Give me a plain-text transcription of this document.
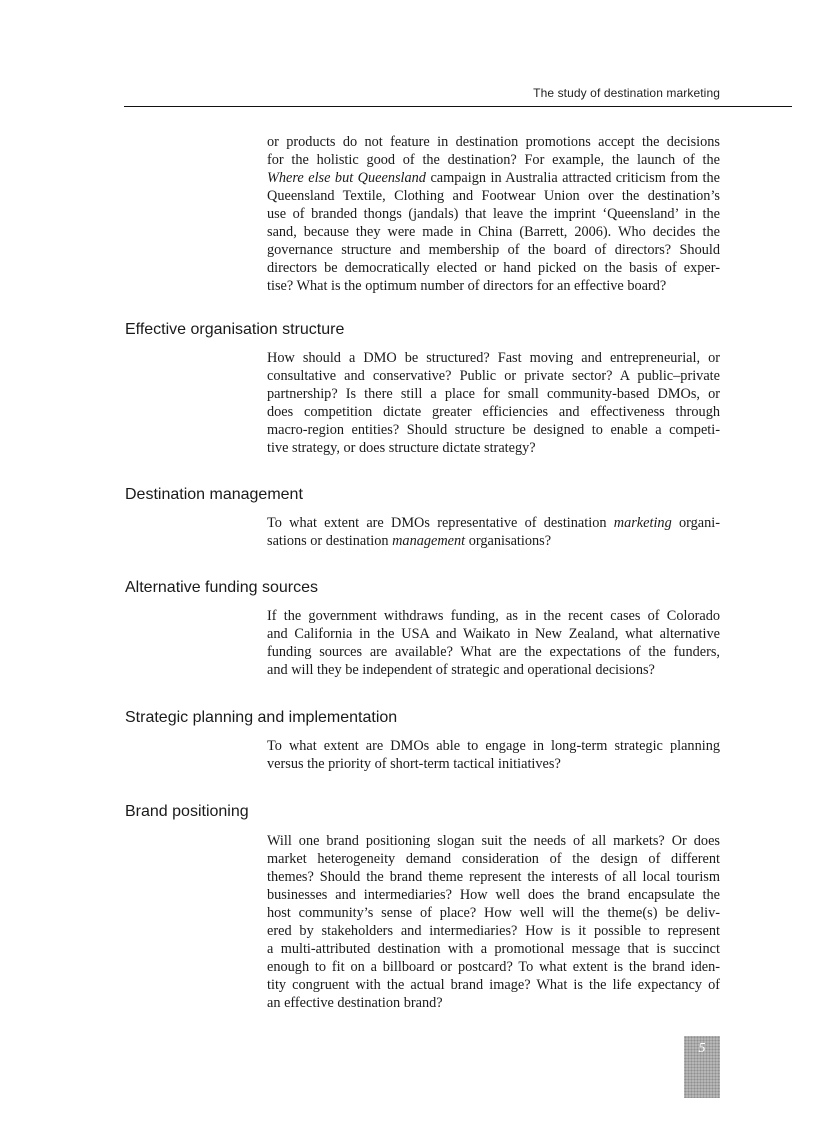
The study of destination marketing
or products do not feature in destination promotions accept the decisions
for the holistic good of the destination? For example, the launch of the
Where else but Queensland campaign in Australia attracted criticism from the
Queensland Textile, Clothing and Footwear Union over the destination’s
use of branded thongs (jandals) that leave the imprint ‘Queensland’ in the
sand, because they were made in China (Barrett, 2006). Who decides the
governance structure and membership of the board of directors? Should
directors be democratically elected or hand picked on the basis of exper-
tise? What is the optimum number of directors for an effective board?
Effective organisation structure
How should a DMO be structured? Fast moving and entrepreneurial, or
consultative and conservative? Public or private sector? A public–private
partnership? Is there still a place for small community-based DMOs, or
does competition dictate greater efficiencies and effectiveness through
macro-region entities? Should structure be designed to enable a competi-
tive strategy, or does structure dictate strategy?
Destination management
To what extent are DMOs representative of destination marketing organi-
sations or destination management organisations?
Alternative funding sources
If the government withdraws funding, as in the recent cases of Colorado
and California in the USA and Waikato in New Zealand, what alternative
funding sources are available? What are the expectations of the funders,
and will they be independent of strategic and operational decisions?
Strategic planning and implementation
To what extent are DMOs able to engage in long-term strategic planning
versus the priority of short-term tactical initiatives?
Brand positioning
Will one brand positioning slogan suit the needs of all markets? Or does
market heterogeneity demand consideration of the design of different
themes? Should the brand theme represent the interests of all local tourism
businesses and intermediaries? How well does the brand encapsulate the
host community’s sense of place? How well will the theme(s) be deliv-
ered by stakeholders and intermediaries? How is it possible to represent
a multi-attributed destination with a promotional message that is succinct
enough to fit on a billboard or postcard? To what extent is the brand iden-
tity congruent with the actual brand image? What is the life expectancy of
an effective destination brand?
5
